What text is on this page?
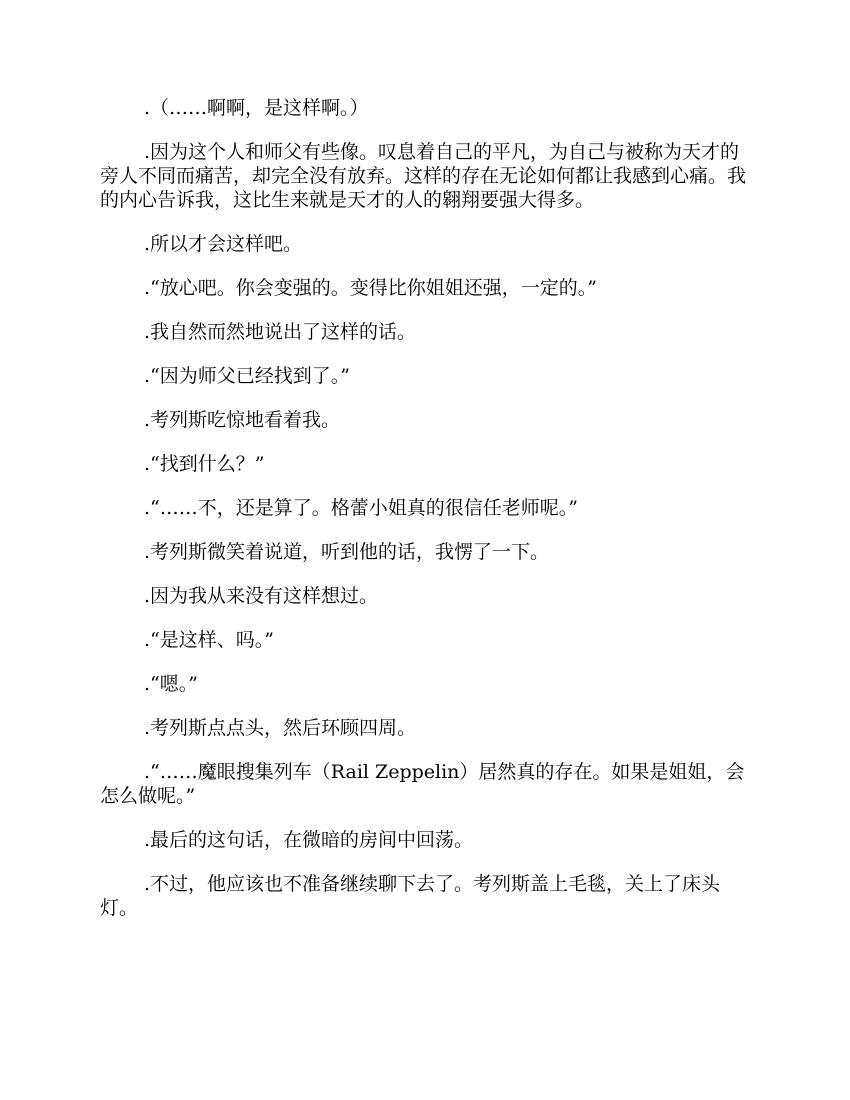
.（……啊啊，是这样啊。）

.因为这个人和师父有些像。叹息着自己的平凡，为自己与被称为天才的旁人不同而痛苦，却完全没有放弃。这样的存在无论如何都让我感到心痛。我的内心告诉我，这比生来就是天才的人的翱翔要强大得多。

.所以才会这样吧。

.“放心吧。你会变强的。变得比你姐姐还强，一定的。”

.我自然而然地说出了这样的话。

.“因为师父已经找到了。”

.考列斯吃惊地看着我。

.“找到什么？”

.“……不，还是算了。格蕾小姐真的很信任老师呢。”

.考列斯微笑着说道，听到他的话，我愣了一下。

.因为我从来没有这样想过。

.“是这样、吗。”

.“嗯。”

.考列斯点点头，然后环顾四周。

.“……魔眼搜集列车（Rail Zeppelin）居然真的存在。如果是姐姐，会怎么做呢。”

.最后的这句话，在微暗的房间中回荡。

.不过，他应该也不准备继续聊下去了。考列斯盖上毛毯，关上了床头灯。
